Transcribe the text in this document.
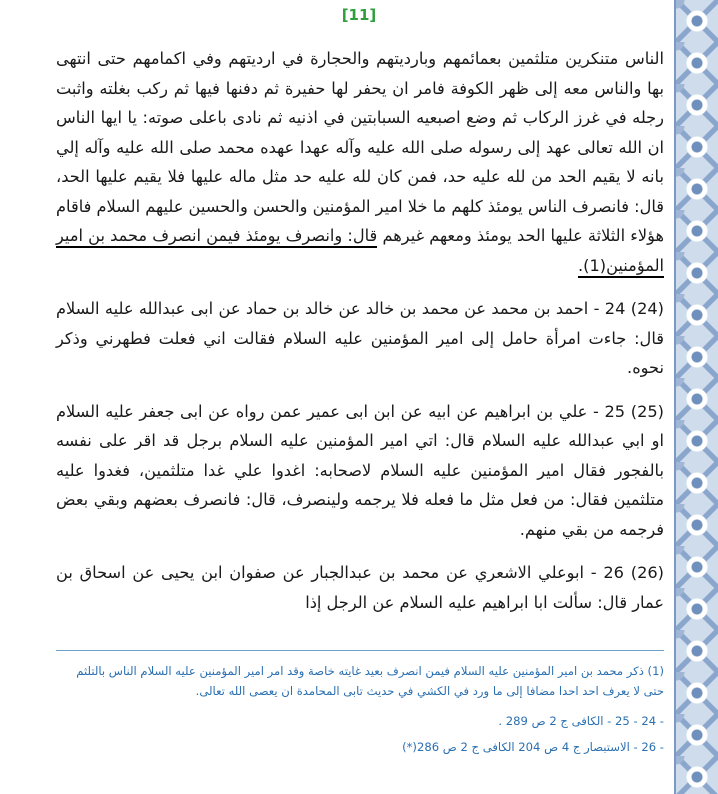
[11]

الناس متنكرين متلثمين بعمائمهم وبارديتهم والحجارة في ارديتهم وفي اكمامهم حتى انتهى بها والناس معه إلى ظهر الكوفة فامر ان يحفر لها حفيرة ثم دفنها فيها ثم ركب بغلته واثبت رجله في غرز الركاب ثم وضع اصبعيه السبابتين في اذنيه ثم نادى باعلى صوته: يا ايها الناس ان الله تعالى عهد إلى رسوله صلى الله عليه وآله عهدا عهده محمد صلى الله عليه وآله إلي بانه لا يقيم الحد من لله عليه حد، فمن كان لله عليه حد مثل ماله عليها فلا يقيم عليها الحد، قال: فانصرف الناس يومئذ كلهم ما خلا امير المؤمنين والحسن والحسين عليهم السلام فاقام هؤلاء الثلاثة عليها الحد يومئذ ومعهم غيرهم قال: وانصرف يومئذ فيمن انصرف محمد بن امير المؤمنين(1).

(24) 24 - احمد بن محمد عن محمد بن خالد عن خالد بن حماد عن ابى عبدالله عليه السلام قال: جاءت امرأة حامل إلى امير المؤمنين عليه السلام فقالت اني فعلت فطهرني وذكر نحوه.

(25) 25 - علي بن ابراهيم عن ابيه عن ابن ابى عمير عمن رواه عن ابى جعفر عليه السلام او ابي عبدالله عليه السلام قال: اتي امير المؤمنين عليه السلام برجل قد اقر على نفسه بالفجور فقال امير المؤمنين عليه السلام لاصحابه: اغدوا علي غدا متلثمين، فغدوا عليه متلثمين فقال: من فعل مثل ما فعله فلا يرجمه ولينصرف، قال: فانصرف بعضهم وبقي بعض فرجمه من بقي منهم.

(26) 26 - ابوعلي الاشعري عن محمد بن عبدالجبار عن صفوان ابن يحيى عن اسحاق بن عمار قال: سألت ابا ابراهيم عليه السلام عن الرجل إذا

(1) ذكر محمد بن امير المؤمنين عليه السلام فيمن انصرف بعيد غايته خاصة وقد امر امير المؤمنين عليه السلام الناس بالتلثم حتى لا يعرف احد احدا مضافا إلى ما ورد في الكشي في حديث تابى المحامدة ان يعصى الله تعالى.
- 24 - 25 - الكافى ج 2 ص 289 .
- 26 - الاستبصار ج 4 ص 204 الكافى ج 2 ص 286(*)
